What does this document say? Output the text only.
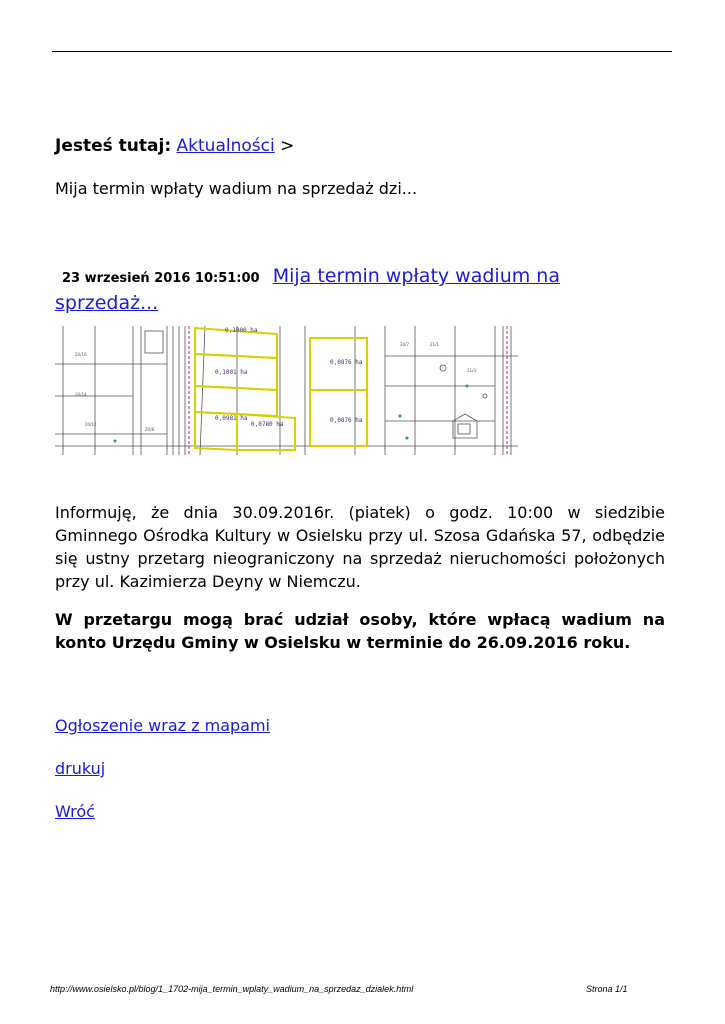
Jesteś tutaj: Aktualności >
Mija termin wpłaty wadium na sprzedaż dzi...
23 wrzesień 2016 10:51:00 Mija termin wpłaty wadium na sprzedaż...
0,1000 ha
0,1001 ha
0,0981 ha
0,0780 ha
0,0876 ha
0,0876 ha
20/16
20/14
20/12
20/7	21/1
21/3
20/8
Informuję, że dnia 30.09.2016r. (piatek) o godz. 10:00 w siedzibie Gminnego Ośrodka Kultury w Osielsku przy ul. Szosa Gdańska 57, odbędzie się ustny przetarg nieograniczony na sprzedaż nieruchomości położonych przy ul. Kazimierza Deyny w Niemczu.
W przetargu mogą brać udział osoby, które wpłacą wadium na konto Urzędu Gminy w Osielsku w terminie do 26.09.2016 roku.
Ogłoszenie wraz z mapami
drukuj
Wróć
http://www.osielsko.pl/blog/1_1702-mija_termin_wplaty_wadium_na_sprzedaz_dzialek.html	Strona 1/1
